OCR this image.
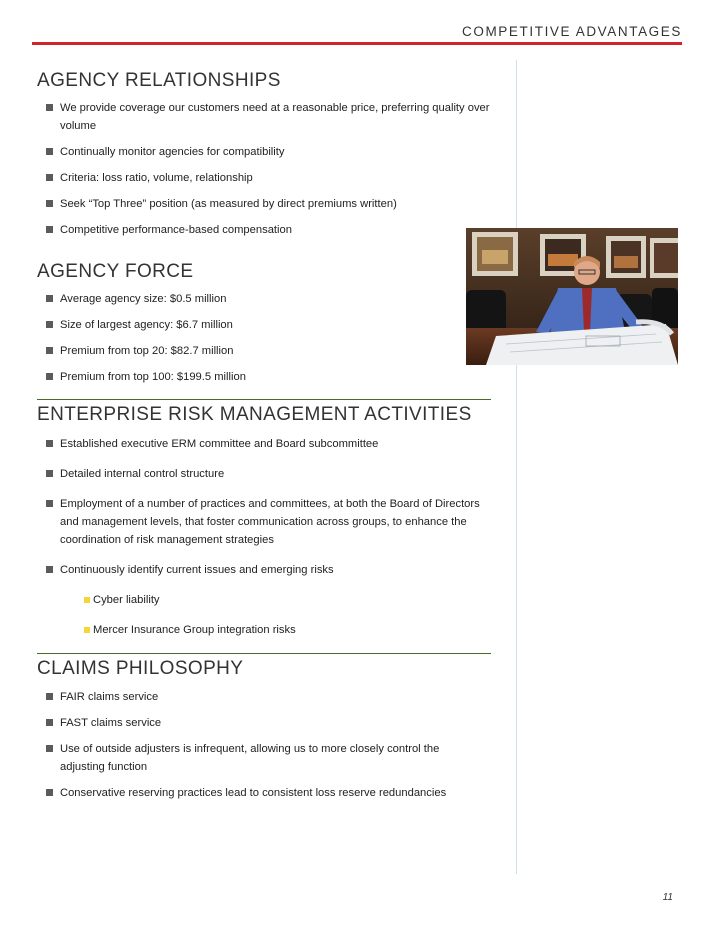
COMPETITIVE ADVANTAGES
AGENCY RELATIONSHIPS
We provide coverage our customers need at a reasonable price, preferring quality over volume
Continually monitor agencies for compatibility
Criteria: loss ratio, volume, relationship
Seek “Top Three” position (as measured by direct premiums written)
Competitive performance-based compensation
AGENCY FORCE
Average agency size: $0.5 million
Size of largest agency: $6.7 million
Premium from top 20: $82.7 million
Premium from top 100: $199.5 million
ENTERPRISE RISK MANAGEMENT ACTIVITIES
Established executive ERM committee and Board subcommittee
Detailed internal control structure
Employment of a number of practices and committees, at both the Board of Directors and management levels, that foster communication across groups, to enhance the coordination of risk management strategies
Continuously identify current issues and emerging risks
Cyber liability
Mercer Insurance Group integration risks
CLAIMS PHILOSOPHY
FAIR claims service
FAST claims service
Use of outside adjusters is infrequent, allowing us to more closely control the adjusting function
Conservative reserving practices lead to consistent loss reserve redundancies
11
